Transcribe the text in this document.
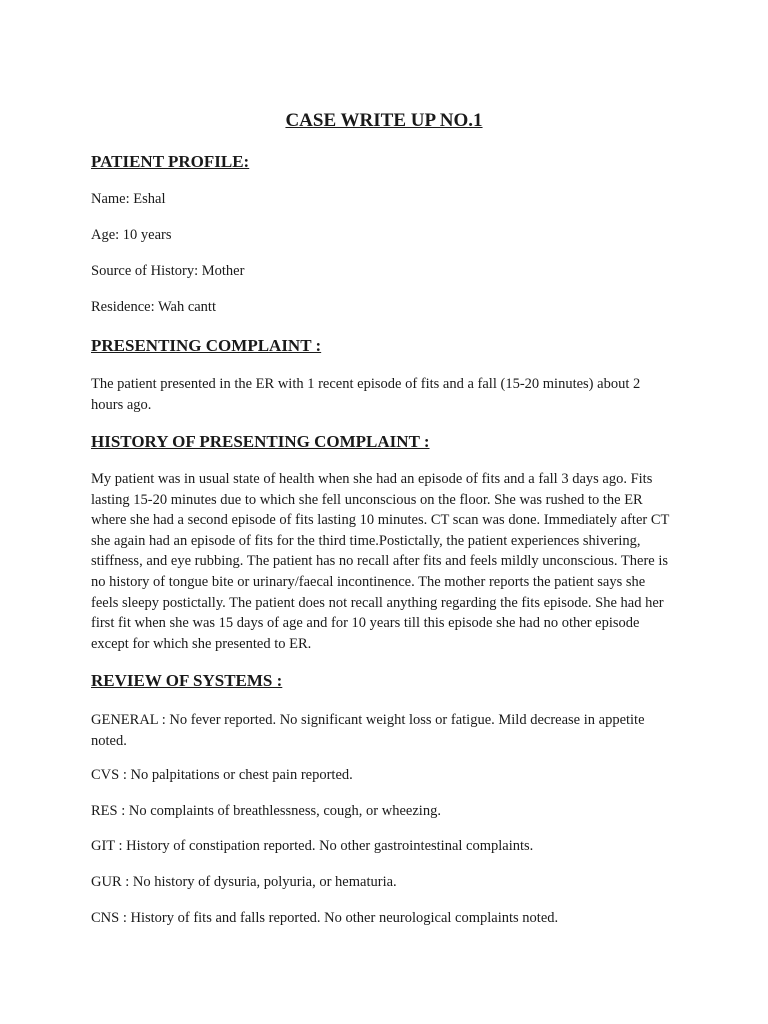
CASE WRITE UP NO.1
PATIENT PROFILE:

Name: Eshal

Age: 10 years

Source of History: Mother

Residence: Wah cantt

PRESENTING COMPLAINT :

The patient presented in the ER with 1 recent episode of fits and a fall (15-20 minutes) about 2 hours ago.

HISTORY OF PRESENTING COMPLAINT :

My patient was in usual state of health when she had an episode of fits and a fall 3 days ago. Fits lasting 15-20 minutes due to which she fell unconscious on the floor. She was rushed to the ER where she had a second episode of fits lasting 10 minutes. CT scan was done. Immediately after CT she again had an episode of fits for the third time.Postictally, the patient experiences shivering, stiffness, and eye rubbing. The patient has no recall after fits and feels mildly unconscious. There is no history of tongue bite or urinary/faecal incontinence. The mother reports the patient says she feels sleepy postictally. The patient does not recall anything regarding the fits episode. She had her first fit when she was 15 days of age and for 10 years till this episode she had no other episode except for which she presented to ER.

REVIEW OF SYSTEMS :

GENERAL : No fever reported. No significant weight loss or fatigue. Mild decrease in appetite noted.

CVS : No palpitations or chest pain reported.

RES : No complaints of breathlessness, cough, or wheezing.

GIT : History of constipation reported. No other gastrointestinal complaints.

GUR : No history of dysuria, polyuria, or hematuria.

CNS : History of fits and falls reported. No other neurological complaints noted.
